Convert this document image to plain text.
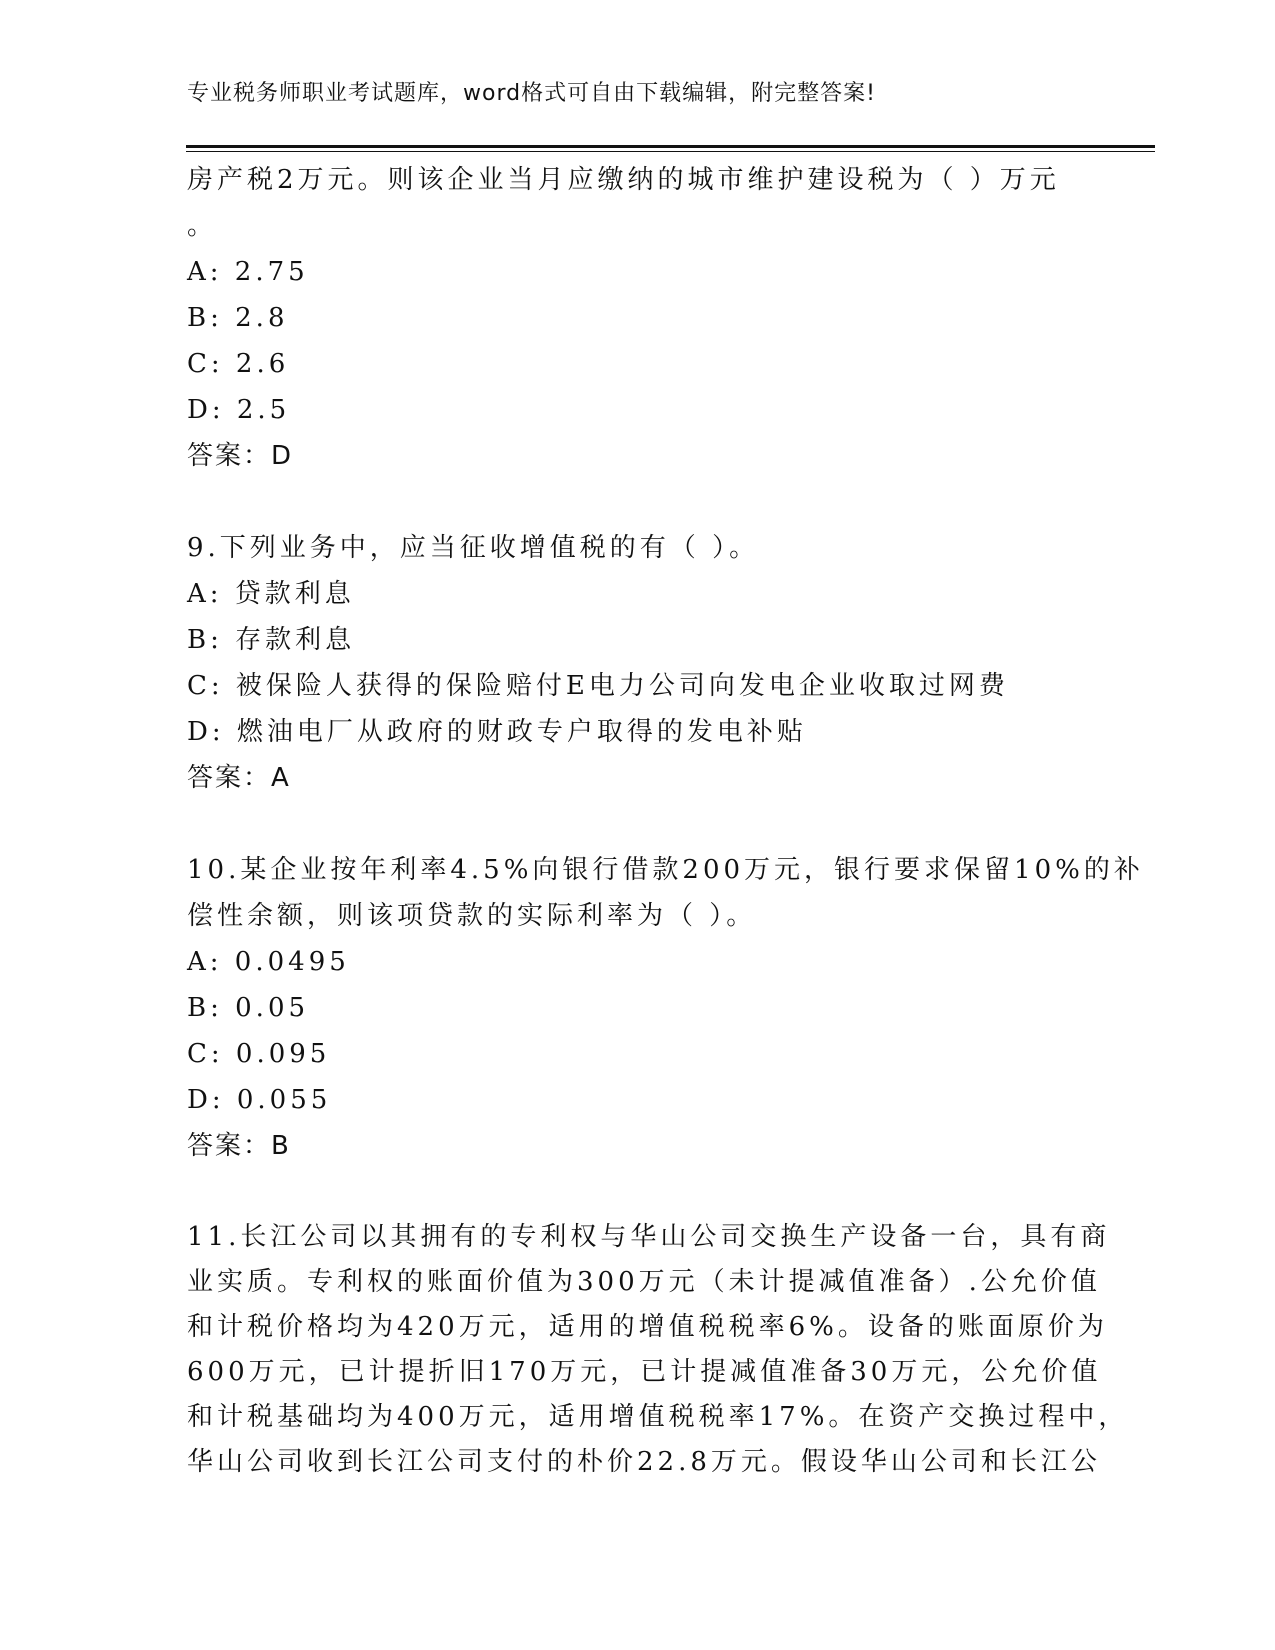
专业税务师职业考试题库，word格式可自由下载编辑，附完整答案!
房产税2万元。则该企业当月应缴纳的城市维护建设税为（ ）万元
。
A: 2.75
B: 2.8
C: 2.6
D: 2.5
答案：D
9.下列业务中，应当征收增值税的有（ ）。
A: 贷款利息
B: 存款利息
C: 被保险人获得的保险赔付E电力公司向发电企业收取过网费
D: 燃油电厂从政府的财政专户取得的发电补贴
答案：A
10.某企业按年利率4.5%向银行借款200万元，银行要求保留10%的补
偿性余额，则该项贷款的实际利率为（ ）。
A: 0.0495
B: 0.05
C: 0.095
D: 0.055
答案：B
11.长江公司以其拥有的专利权与华山公司交换生产设备一台，具有商
业实质。专利权的账面价值为300万元（未计提减值准备）.公允价值
和计税价格均为420万元，适用的增值税税率6%。设备的账面原价为
600万元，已计提折旧170万元，已计提减值准备30万元，公允价值
和计税基础均为400万元，适用增值税税率17%。在资产交换过程中，
华山公司收到长江公司支付的朴价22.8万元。假设华山公司和长江公
